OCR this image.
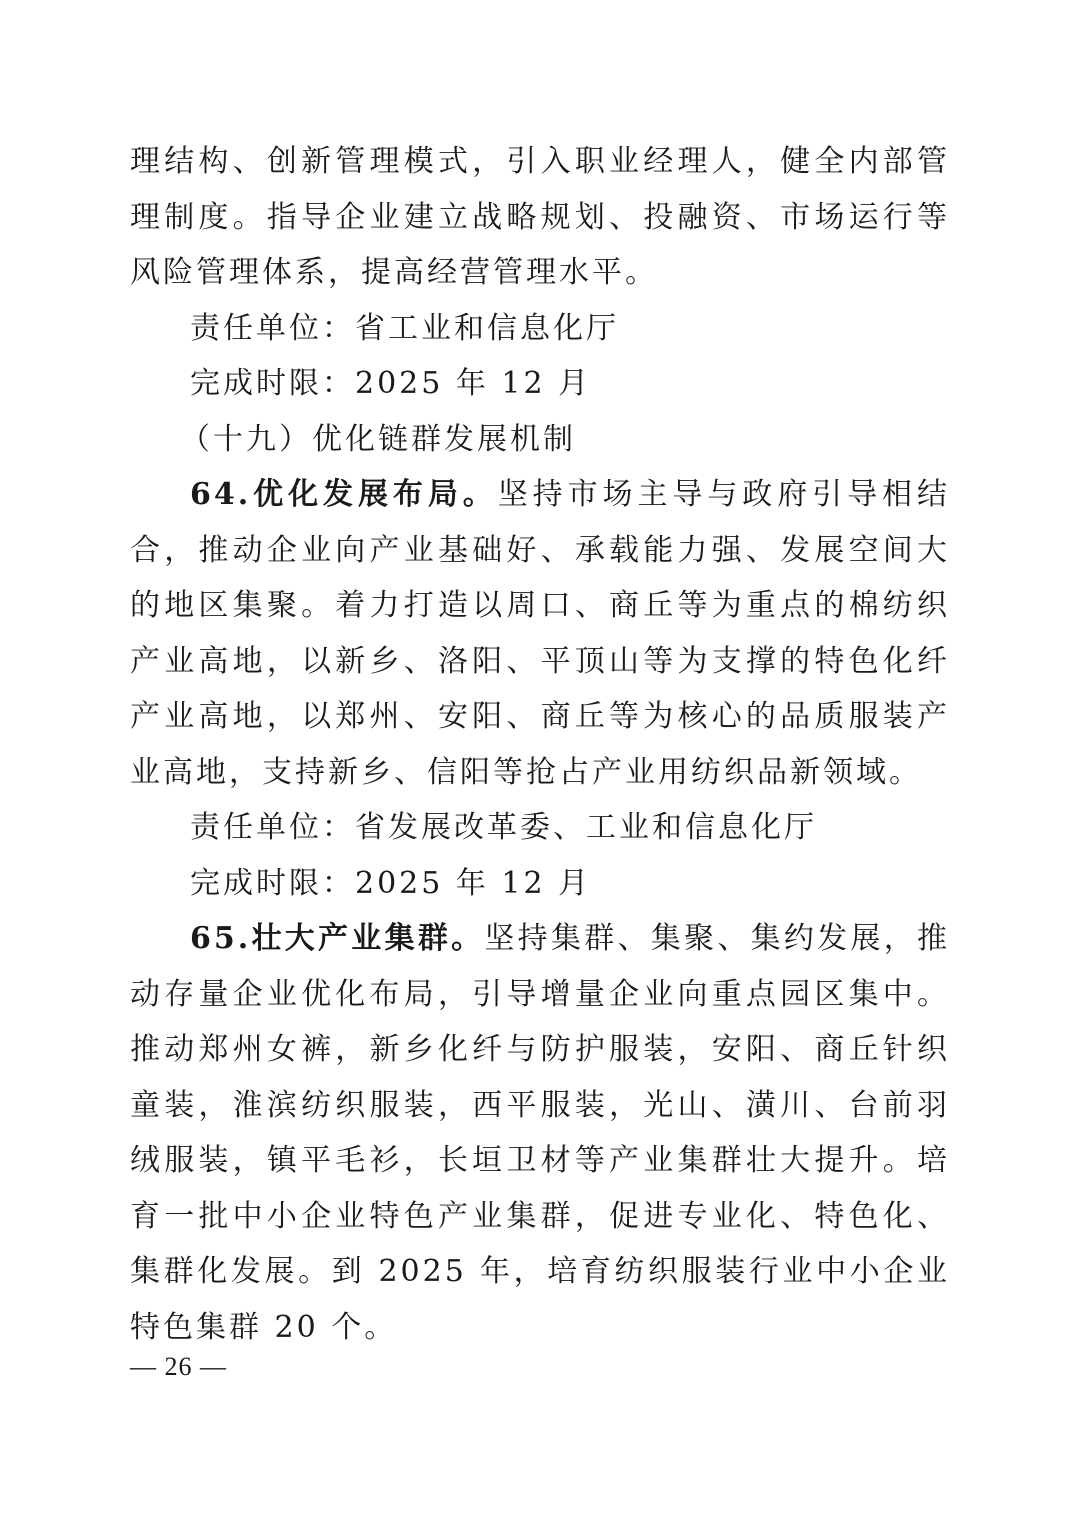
理结构、创新管理模式，引入职业经理人，健全内部管理制度。指导企业建立战略规划、投融资、市场运行等风险管理体系，提高经营管理水平。

责任单位：省工业和信息化厅

完成时限：2025 年 12 月

（十九）优化链群发展机制

64.优化发展布局。坚持市场主导与政府引导相结合，推动企业向产业基础好、承载能力强、发展空间大的地区集聚。着力打造以周口、商丘等为重点的棉纺织产业高地，以新乡、洛阳、平顶山等为支撑的特色化纤产业高地，以郑州、安阳、商丘等为核心的品质服装产业高地，支持新乡、信阳等抢占产业用纺织品新领域。

责任单位：省发展改革委、工业和信息化厅

完成时限：2025 年 12 月

65.壮大产业集群。坚持集群、集聚、集约发展，推动存量企业优化布局，引导增量企业向重点园区集中。推动郑州女裤，新乡化纤与防护服装，安阳、商丘针织童装，淮滨纺织服装，西平服装，光山、潢川、台前羽绒服装，镇平毛衫，长垣卫材等产业集群壮大提升。培育一批中小企业特色产业集群，促进专业化、特色化、集群化发展。到 2025 年，培育纺织服装行业中小企业特色集群 20 个。

— 26 —
